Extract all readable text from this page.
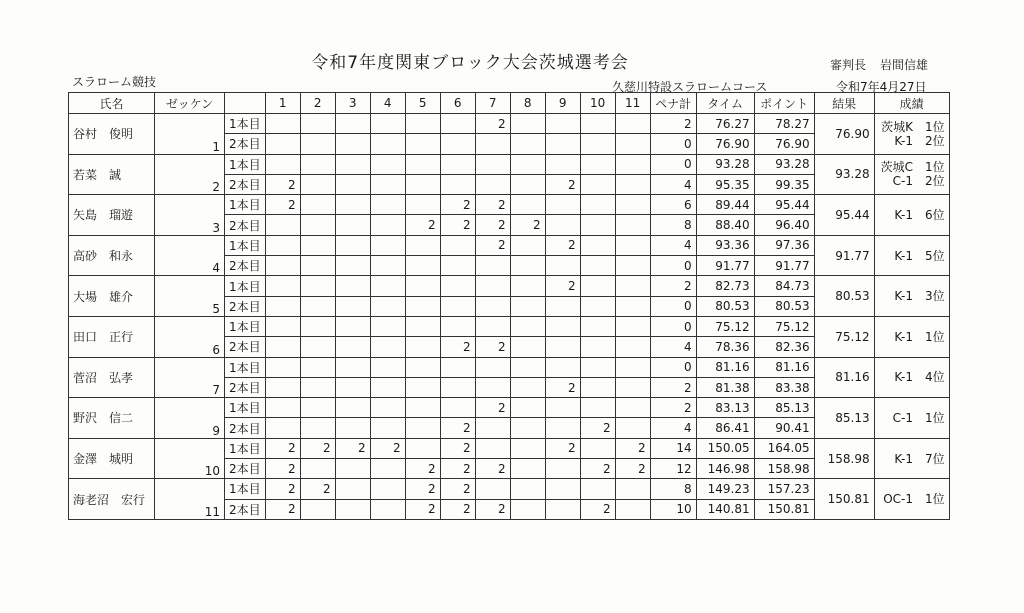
令和7年度関東ブロック大会茨城選考会	審判長 岩間信雄
スラローム競技	久慈川特設スラロームコース	令和7年4月27日
氏名	ゼッケン		1	2	3	4	5	6	7	8	9	10	11	ペナ計	タイム	ポイント	結果	成績
谷村　俊明	1	1本目							2					2	76.27	78.27	76.90	茨城K　1位
K-1　2位

		2本目												0	76.90	76.90		
若菜　誠	2	1本目												0	93.28	93.28	93.28	茨城C　1位
C-1　2位

		2本目	2								2			4	95.35	99.35		
矢島　瑠遊	3	1本目	2					2	2					6	89.44	95.44	95.44	K-1　6位

		2本目					2	2	2	2				8	88.40	96.40		
高砂　和永	4	1本目							2		2			4	93.36	97.36	91.77	K-1　5位

		2本目												0	91.77	91.77		
大場　雄介	5	1本目									2			2	82.73	84.73	80.53	K-1　3位

		2本目												0	80.53	80.53		
田口　正行	6	1本目												0	75.12	75.12	75.12	K-1　1位

		2本目						2	2					4	78.36	82.36		
菅沼　弘孝	7	1本目												0	81.16	81.16	81.16	K-1　4位

		2本目									2			2	81.38	83.38		
野沢　信二	9	1本目							2					2	83.13	85.13	85.13	C-1　1位

		2本目						2				2		4	86.41	90.41		
金澤　城明	10	1本目	2	2	2	2		2			2		2	14	150.05	164.05	158.98	K-1　7位

		2本目	2				2	2	2			2	2	12	146.98	158.98		
海老沼　宏行	11	1本目	2	2			2	2						8	149.23	157.23	150.81	OC-1　1位

		2本目	2				2	2	2			2		10	140.81	150.81		
